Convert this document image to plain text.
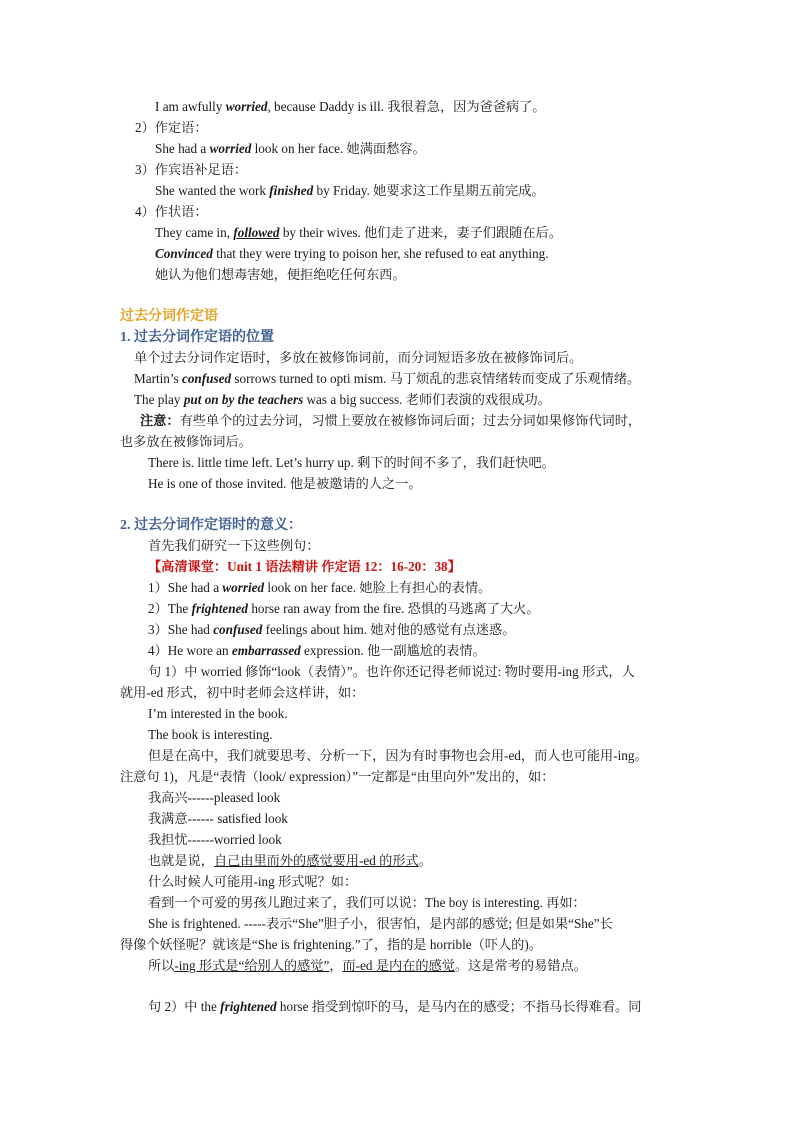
I am awfully worried, because Daddy is ill. 我很着急，因为爸爸病了。
2）作定语：
She had a worried look on her face. 她满面愁容。
3）作宾语补足语：
She wanted the work finished by Friday. 她要求这工作星期五前完成。
4）作状语：
They came in, followed by their wives. 他们走了进来，妻子们跟随在后。
Convinced that they were trying to poison her, she refused to eat anything.
她认为他们想毒害她，便拒绝吃任何东西。
过去分词作定语
1. 过去分词作定语的位置
单个过去分词作定语时，多放在被修饰词前，而分词短语多放在被修饰词后。
Martin’s confused sorrows turned to opti mism. 马丁烦乱的悲哀情绪转而变成了乐观情绪。
The play put on by the teachers was a big success. 老师们表演的戏很成功。
注意：有些单个的过去分词，习惯上要放在被修饰词后面；过去分词如果修饰代词时，
也多放在被修饰词后。
There is. little time left. Let’s hurry up. 剩下的时间不多了，我们赶快吧。
He is one of those invited. 他是被邀请的人之一。
2. 过去分词作定语时的意义：
首先我们研究一下这些例句：
【高清课堂：Unit 1 语法精讲 作定语 12：16-20：38】
1）She had a worried look on her face. 她脸上有担心的表情。
2）The frightened horse ran away from the fire. 恐惧的马逃离了大火。
3）She had confused feelings about him. 她对他的感觉有点迷惑。
4）He wore an embarrassed expression. 他一副尴尬的表情。
句 1）中 worried 修饰“look（表情）”。也许你还记得老师说过: 物时要用-ing 形式，人
就用-ed 形式，初中时老师会这样讲，如：
I’m interested in the book.
The book is interesting.
但是在高中，我们就要思考、分析一下，因为有时事物也会用-ed，而人也可能用-ing。
注意句 1)，凡是“表情（look/ expression）”一定都是“由里向外”发出的，如：
我高兴------pleased look
我满意------ satisfied look
我担忧------worried look
也就是说，自己由里而外的感觉要用-ed 的形式。
什么时候人可能用-ing 形式呢？如：
看到一个可爱的男孩儿跑过来了，我们可以说：The boy is interesting. 再如：
She is frightened. -----表示“She”胆子小，很害怕，是内部的感觉; 但是如果“She”长
得像个妖怪呢？就该是“She is frightening.”了，指的是 horrible（吓人的)。
所以-ing 形式是“给别人的感觉”，而-ed 是内在的感觉。这是常考的易错点。
句 2）中 the frightened horse 指受到惊吓的马，是马内在的感受；不指马长得难看。同
